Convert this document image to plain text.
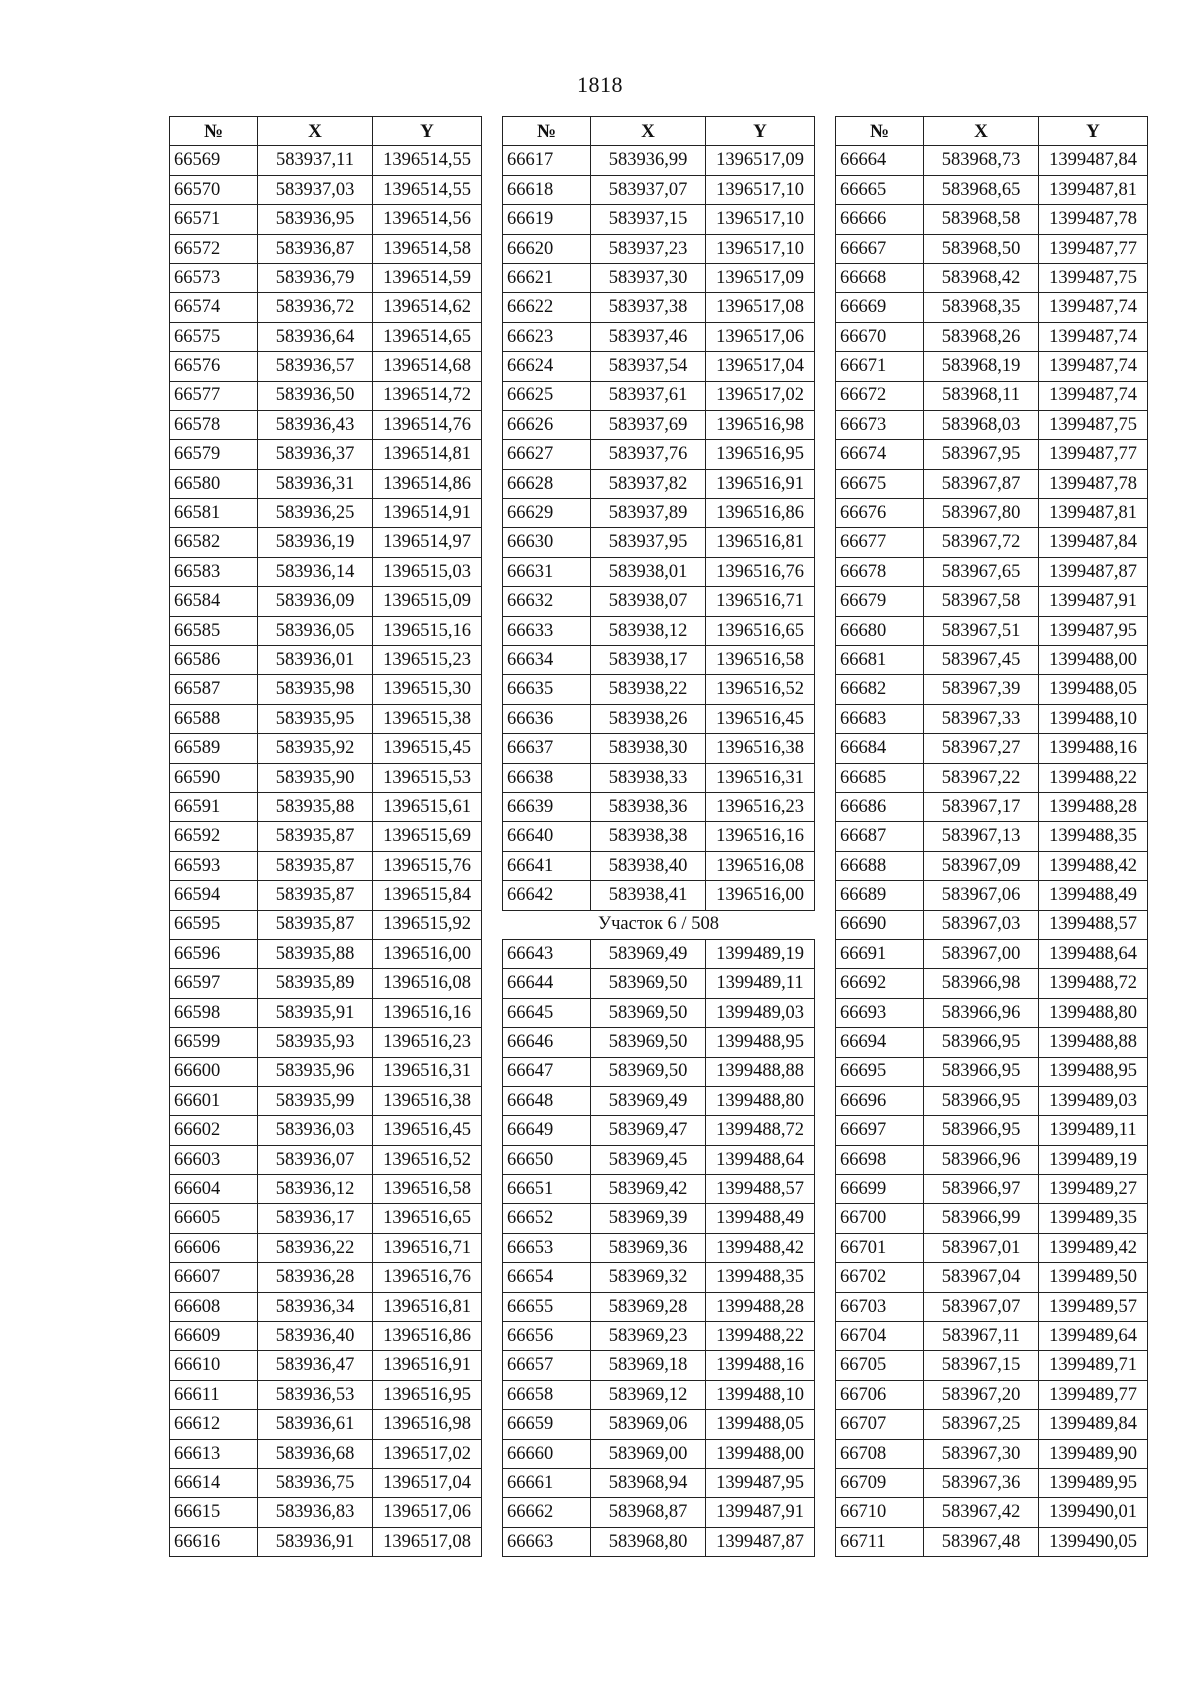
1818
№	X	Y
66569	583937,11	1396514,55
66570	583937,03	1396514,55
66571	583936,95	1396514,56
66572	583936,87	1396514,58
66573	583936,79	1396514,59
66574	583936,72	1396514,62
66575	583936,64	1396514,65
66576	583936,57	1396514,68
66577	583936,50	1396514,72
66578	583936,43	1396514,76
66579	583936,37	1396514,81
66580	583936,31	1396514,86
66581	583936,25	1396514,91
66582	583936,19	1396514,97
66583	583936,14	1396515,03
66584	583936,09	1396515,09
66585	583936,05	1396515,16
66586	583936,01	1396515,23
66587	583935,98	1396515,30
66588	583935,95	1396515,38
66589	583935,92	1396515,45
66590	583935,90	1396515,53
66591	583935,88	1396515,61
66592	583935,87	1396515,69
66593	583935,87	1396515,76
66594	583935,87	1396515,84
66595	583935,87	1396515,92
66596	583935,88	1396516,00
66597	583935,89	1396516,08
66598	583935,91	1396516,16
66599	583935,93	1396516,23
66600	583935,96	1396516,31
66601	583935,99	1396516,38
66602	583936,03	1396516,45
66603	583936,07	1396516,52
66604	583936,12	1396516,58
66605	583936,17	1396516,65
66606	583936,22	1396516,71
66607	583936,28	1396516,76
66608	583936,34	1396516,81
66609	583936,40	1396516,86
66610	583936,47	1396516,91
66611	583936,53	1396516,95
66612	583936,61	1396516,98
66613	583936,68	1396517,02
66614	583936,75	1396517,04
66615	583936,83	1396517,06
66616	583936,91	1396517,08
№	X	Y
66617	583936,99	1396517,09
66618	583937,07	1396517,10
66619	583937,15	1396517,10
66620	583937,23	1396517,10
66621	583937,30	1396517,09
66622	583937,38	1396517,08
66623	583937,46	1396517,06
66624	583937,54	1396517,04
66625	583937,61	1396517,02
66626	583937,69	1396516,98
66627	583937,76	1396516,95
66628	583937,82	1396516,91
66629	583937,89	1396516,86
66630	583937,95	1396516,81
66631	583938,01	1396516,76
66632	583938,07	1396516,71
66633	583938,12	1396516,65
66634	583938,17	1396516,58
66635	583938,22	1396516,52
66636	583938,26	1396516,45
66637	583938,30	1396516,38
66638	583938,33	1396516,31
66639	583938,36	1396516,23
66640	583938,38	1396516,16
66641	583938,40	1396516,08
66642	583938,41	1396516,00
Участок 6 / 508		
66643	583969,49	1399489,19
66644	583969,50	1399489,11
66645	583969,50	1399489,03
66646	583969,50	1399488,95
66647	583969,50	1399488,88
66648	583969,49	1399488,80
66649	583969,47	1399488,72
66650	583969,45	1399488,64
66651	583969,42	1399488,57
66652	583969,39	1399488,49
66653	583969,36	1399488,42
66654	583969,32	1399488,35
66655	583969,28	1399488,28
66656	583969,23	1399488,22
66657	583969,18	1399488,16
66658	583969,12	1399488,10
66659	583969,06	1399488,05
66660	583969,00	1399488,00
66661	583968,94	1399487,95
66662	583968,87	1399487,91
66663	583968,80	1399487,87
№	X	Y
66664	583968,73	1399487,84
66665	583968,65	1399487,81
66666	583968,58	1399487,78
66667	583968,50	1399487,77
66668	583968,42	1399487,75
66669	583968,35	1399487,74
66670	583968,26	1399487,74
66671	583968,19	1399487,74
66672	583968,11	1399487,74
66673	583968,03	1399487,75
66674	583967,95	1399487,77
66675	583967,87	1399487,78
66676	583967,80	1399487,81
66677	583967,72	1399487,84
66678	583967,65	1399487,87
66679	583967,58	1399487,91
66680	583967,51	1399487,95
66681	583967,45	1399488,00
66682	583967,39	1399488,05
66683	583967,33	1399488,10
66684	583967,27	1399488,16
66685	583967,22	1399488,22
66686	583967,17	1399488,28
66687	583967,13	1399488,35
66688	583967,09	1399488,42
66689	583967,06	1399488,49
66690	583967,03	1399488,57
66691	583967,00	1399488,64
66692	583966,98	1399488,72
66693	583966,96	1399488,80
66694	583966,95	1399488,88
66695	583966,95	1399488,95
66696	583966,95	1399489,03
66697	583966,95	1399489,11
66698	583966,96	1399489,19
66699	583966,97	1399489,27
66700	583966,99	1399489,35
66701	583967,01	1399489,42
66702	583967,04	1399489,50
66703	583967,07	1399489,57
66704	583967,11	1399489,64
66705	583967,15	1399489,71
66706	583967,20	1399489,77
66707	583967,25	1399489,84
66708	583967,30	1399489,90
66709	583967,36	1399489,95
66710	583967,42	1399490,01
66711	583967,48	1399490,05
